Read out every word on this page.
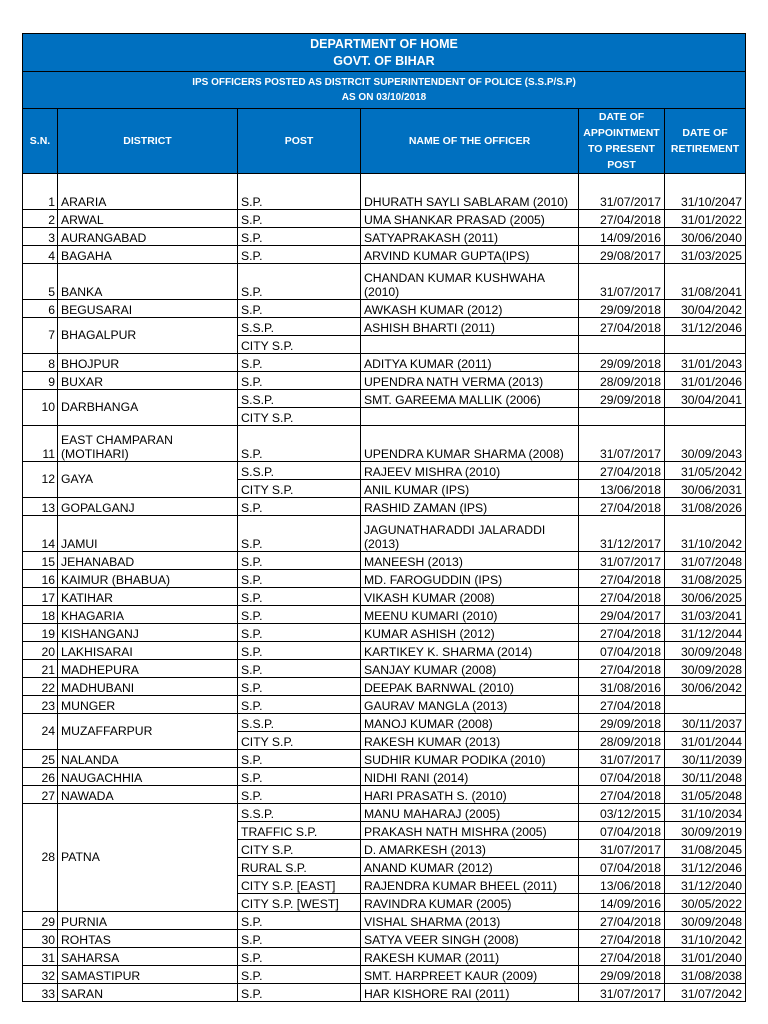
DEPARTMENT OF HOME
GOVT. OF BIHAR					

IPS OFFICERS POSTED AS DISTRCIT SUPERINTENDENT OF POLICE (S.S.P/S.P)
AS ON 03/10/2018					

S.N.	DISTRICT	POST	NAME OF THE OFFICER	DATE OF APPOINTMENT TO PRESENT POST	DATE OF RETIREMENT

1	ARARIA	S.P.	DHURATH SAYLI SABLARAM (2010)	31/07/2017	31/10/2047
2	ARWAL	S.P.	UMA SHANKAR PRASAD (2005)	27/04/2018	31/01/2022
3	AURANGABAD	S.P.	SATYAPRAKASH (2011)	14/09/2016	30/06/2040
4	BAGAHA	S.P.	ARVIND KUMAR GUPTA(IPS)	29/08/2017	31/03/2025
5	BANKA	S.P.	CHANDAN KUMAR KUSHWAHA (2010)	31/07/2017	31/08/2041
6	BEGUSARAI	S.P.	AWKASH KUMAR (2012)	29/09/2018	30/04/2042
7	BHAGALPUR	S.S.P.	ASHISH BHARTI (2011)	27/04/2018	31/12/2046
		CITY S.P.			
8	BHOJPUR	S.P.	ADITYA KUMAR (2011)	29/09/2018	31/01/2043
9	BUXAR	S.P.	UPENDRA NATH VERMA (2013)	28/09/2018	31/01/2046
10	DARBHANGA	S.S.P.	SMT. GAREEMA MALLIK (2006)	29/09/2018	30/04/2041
		CITY S.P.			
11	EAST CHAMPARAN (MOTIHARI)	S.P.	UPENDRA KUMAR SHARMA (2008)	31/07/2017	30/09/2043
12	GAYA	S.S.P.	RAJEEV MISHRA (2010)	27/04/2018	31/05/2042
		CITY S.P.	ANIL KUMAR (IPS)	13/06/2018	30/06/2031
13	GOPALGANJ	S.P.	RASHID ZAMAN (IPS)	27/04/2018	31/08/2026
14	JAMUI	S.P.	JAGUNATHARADDI JALARADDI (2013)	31/12/2017	31/10/2042
15	JEHANABAD	S.P.	MANEESH (2013)	31/07/2017	31/07/2048
16	KAIMUR (BHABUA)	S.P.	MD. FAROGUDDIN (IPS)	27/04/2018	31/08/2025
17	KATIHAR	S.P.	VIKASH KUMAR (2008)	27/04/2018	30/06/2025
18	KHAGARIA	S.P.	MEENU KUMARI (2010)	29/04/2017	31/03/2041
19	KISHANGANJ	S.P.	KUMAR ASHISH (2012)	27/04/2018	31/12/2044
20	LAKHISARAI	S.P.	KARTIKEY K. SHARMA (2014)	07/04/2018	30/09/2048
21	MADHEPURA	S.P.	SANJAY KUMAR (2008)	27/04/2018	30/09/2028
22	MADHUBANI	S.P.	DEEPAK BARNWAL (2010)	31/08/2016	30/06/2042
23	MUNGER	S.P.	GAURAV MANGLA (2013)	27/04/2018	
24	MUZAFFARPUR	S.S.P.	MANOJ KUMAR (2008)	29/09/2018	30/11/2037
		CITY S.P.	RAKESH KUMAR (2013)	28/09/2018	31/01/2044
25	NALANDA	S.P.	SUDHIR KUMAR PODIKA (2010)	31/07/2017	30/11/2039
26	NAUGACHHIA	S.P.	NIDHI RANI (2014)	07/04/2018	30/11/2048
27	NAWADA	S.P.	HARI PRASATH S. (2010)	27/04/2018	31/05/2048
28	PATNA	S.S.P.	MANU MAHARAJ (2005)	03/12/2015	31/10/2034
		TRAFFIC S.P.	PRAKASH NATH MISHRA (2005)	07/04/2018	30/09/2019
		CITY S.P.	D. AMARKESH (2013)	31/07/2017	31/08/2045
		RURAL S.P.	ANAND KUMAR (2012)	07/04/2018	31/12/2046
		CITY S.P. [EAST]	RAJENDRA KUMAR BHEEL (2011)	13/06/2018	31/12/2040
		CITY S.P. [WEST]	RAVINDRA KUMAR (2005)	14/09/2016	30/05/2022
29	PURNIA	S.P.	VISHAL SHARMA (2013)	27/04/2018	30/09/2048
30	ROHTAS	S.P.	SATYA VEER SINGH (2008)	27/04/2018	31/10/2042
31	SAHARSA	S.P.	RAKESH KUMAR (2011)	27/04/2018	31/01/2040
32	SAMASTIPUR	S.P.	SMT. HARPREET KAUR (2009)	29/09/2018	31/08/2038
33	SARAN	S.P.	HAR KISHORE RAI (2011)	31/07/2017	31/07/2042
